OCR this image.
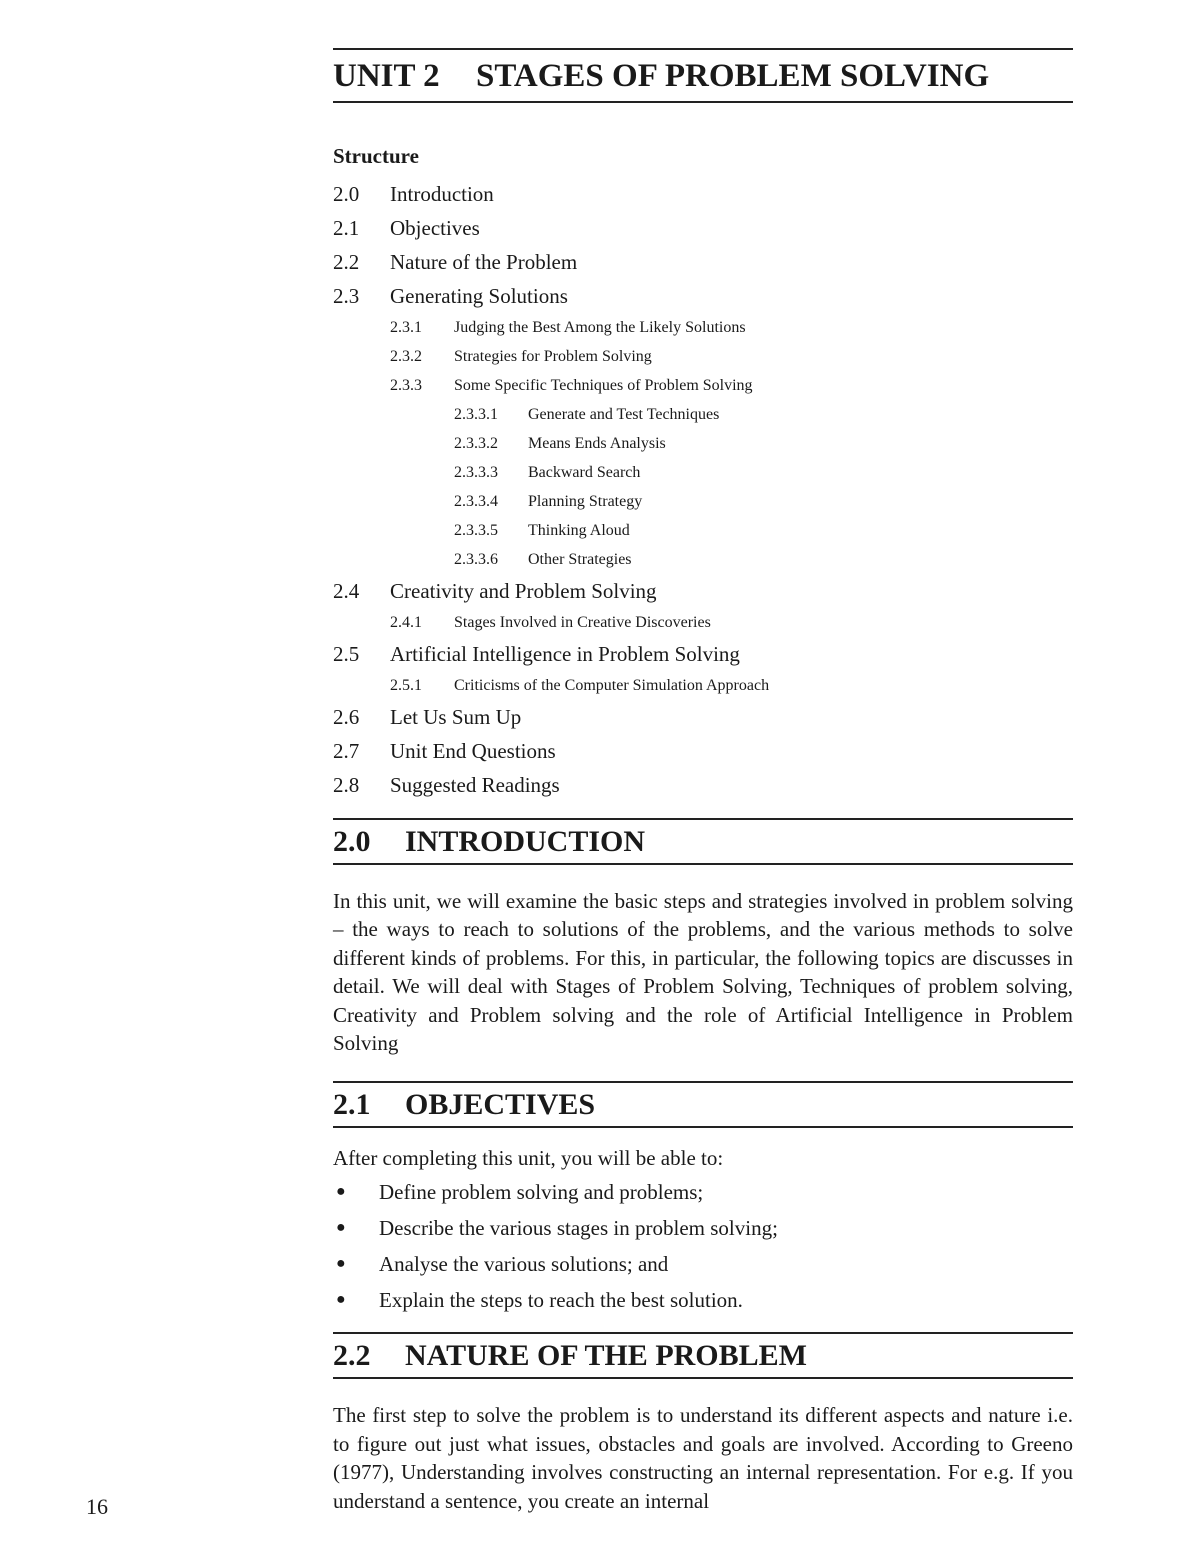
16
UNIT 2 STAGES OF PROBLEM SOLVING
Structure
2.0	Introduction
2.1	Objectives
2.2	Nature of the Problem
2.3	Generating Solutions
2.3.1	Judging the Best Among the Likely Solutions
2.3.2	Strategies for Problem Solving
2.3.3	Some Specific Techniques of Problem Solving
2.3.3.1	Generate and Test Techniques
2.3.3.2	Means Ends Analysis
2.3.3.3	Backward Search
2.3.3.4	Planning Strategy
2.3.3.5	Thinking Aloud
2.3.3.6	Other Strategies
2.4	Creativity and Problem Solving
2.4.1	Stages Involved in Creative Discoveries
2.5	Artificial Intelligence in Problem Solving
2.5.1	Criticisms of the Computer Simulation Approach
2.6	Let Us Sum Up
2.7	Unit End Questions
2.8	Suggested Readings
2.0 INTRODUCTION

In this unit, we will examine the basic steps and strategies involved in problem solving – the ways to reach to solutions of the problems, and the various methods to solve different kinds of problems. For this, in particular, the following topics are discusses in detail. We will deal with Stages of Problem Solving, Techniques of problem solving, Creativity and Problem solving and the role of Artificial Intelligence in Problem Solving

2.1 OBJECTIVES

After completing this unit, you will be able to:

●	Define problem solving and problems;
●	Describe the various stages in problem solving;
●	Analyse the various solutions; and
●	Explain the steps to reach the best solution.
2.2 NATURE OF THE PROBLEM

The first step to solve the problem is to understand its different aspects and nature i.e. to figure out just what issues, obstacles and goals are involved. According to Greeno (1977), Understanding involves constructing an internal representation. For e.g. If you understand a sentence, you create an internal
